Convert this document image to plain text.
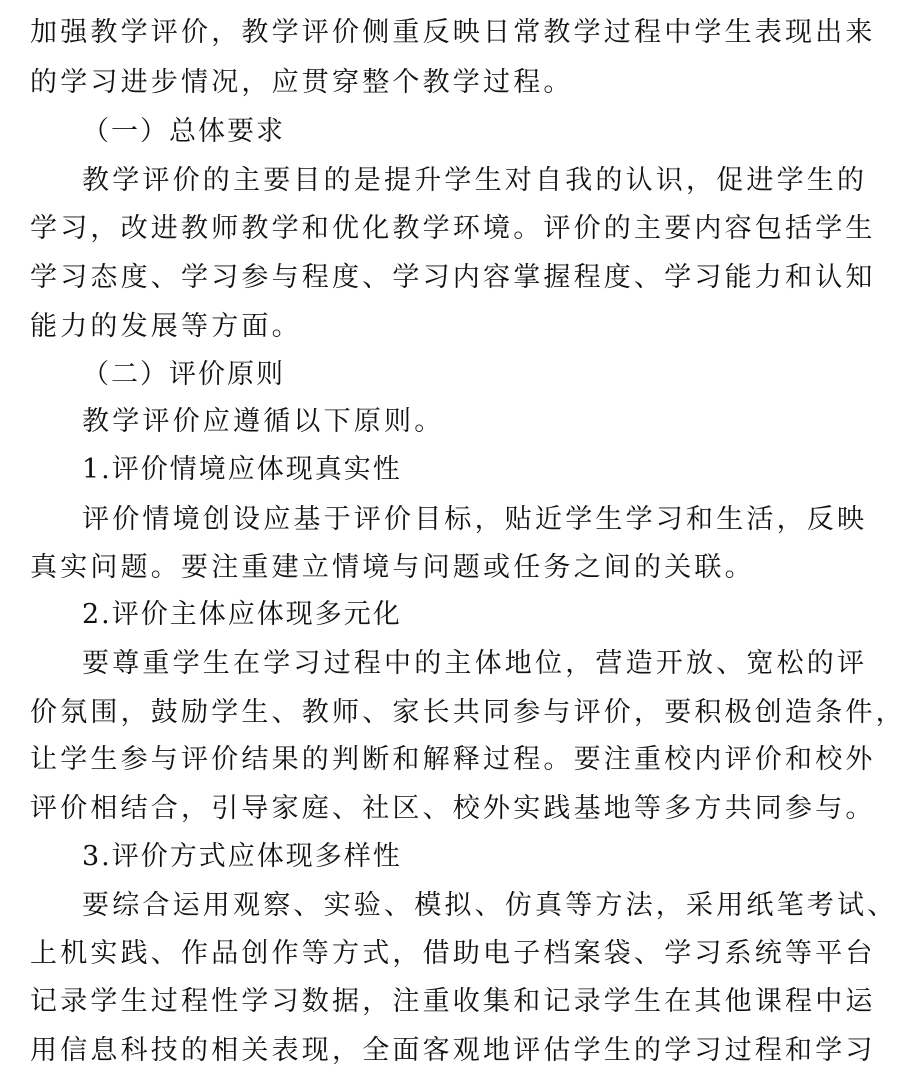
加强教学评价，教学评价侧重反映日常教学过程中学生表现出来
的学习进步情况，应贯穿整个教学过程。
（一）总体要求
教学评价的主要目的是提升学生对自我的认识，促进学生的
学习，改进教师教学和优化教学环境。评价的主要内容包括学生
学习态度、学习参与程度、学习内容掌握程度、学习能力和认知
能力的发展等方面。
（二）评价原则
教学评价应遵循以下原则。
1.评价情境应体现真实性
评价情境创设应基于评价目标，贴近学生学习和生活，反映
真实问题。要注重建立情境与问题或任务之间的关联。
2.评价主体应体现多元化
要尊重学生在学习过程中的主体地位，营造开放、宽松的评
价氛围，鼓励学生、教师、家长共同参与评价，要积极创造条件，
让学生参与评价结果的判断和解释过程。要注重校内评价和校外
评价相结合，引导家庭、社区、校外实践基地等多方共同参与。
3.评价方式应体现多样性
要综合运用观察、实验、模拟、仿真等方法，采用纸笔考试、
上机实践、作品创作等方式，借助电子档案袋、学习系统等平台
记录学生过程性学习数据，注重收集和记录学生在其他课程中运
用信息科技的相关表现，全面客观地评估学生的学习过程和学习
